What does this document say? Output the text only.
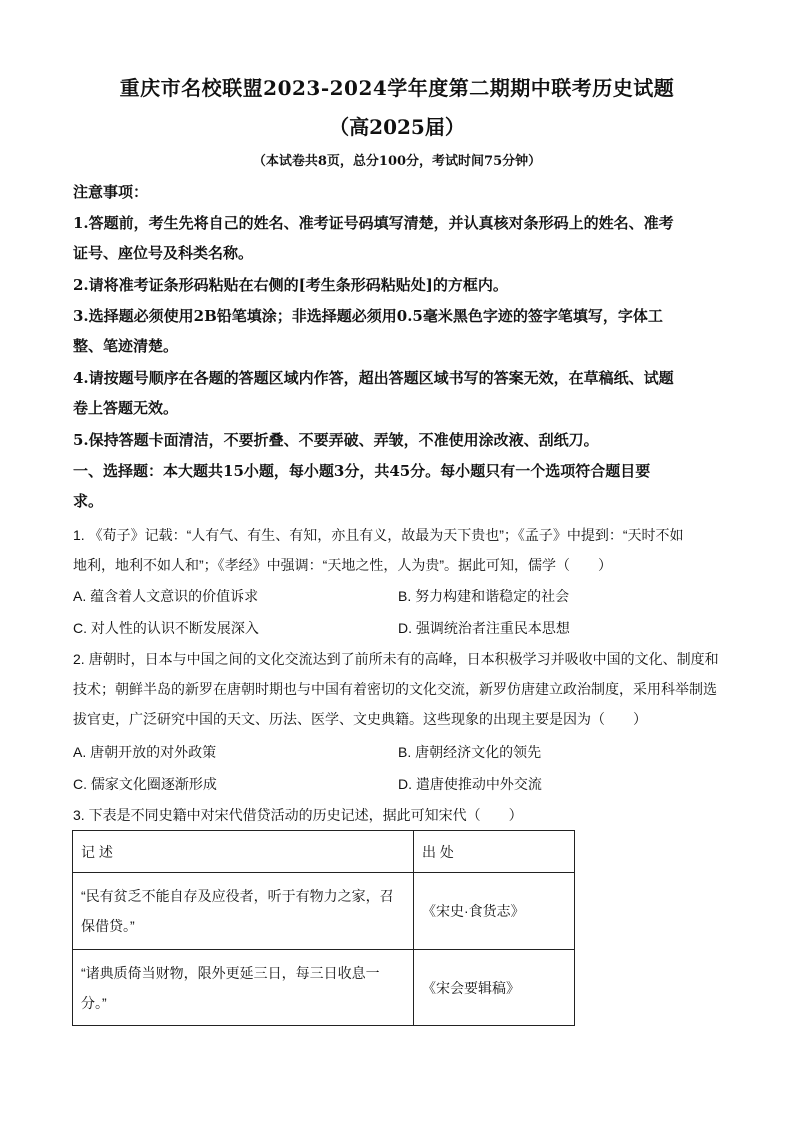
重庆市名校联盟2023-2024学年度第二期期中联考历史试题
（高2025届）
（本试卷共8页，总分100分，考试时间75分钟）
注意事项：
1.答题前，考生先将自己的姓名、准考证号码填写清楚，并认真核对条形码上的姓名、准考
证号、座位号及科类名称。
2.请将准考证条形码粘贴在右侧的[考生条形码粘贴处]的方框内。
3.选择题必须使用2B铅笔填涂；非选择题必须用0.5毫米黑色字迹的签字笔填写，字体工
整、笔迹清楚。
4.请按题号顺序在各题的答题区域内作答，超出答题区域书写的答案无效，在草稿纸、试题
卷上答题无效。
5.保持答题卡面清洁，不要折叠、不要弄破、弄皱，不准使用涂改液、刮纸刀。
一、选择题：本大题共15小题，每小题3分，共45分。每小题只有一个选项符合题目要
求。
1. 《荀子》记载：“人有气、有生、有知，亦且有义，故最为天下贵也”；《孟子》中提到：“天时不如
地利，地利不如人和”；《孝经》中强调：“天地之性，人为贵”。据此可知，儒学（　　）
A. 蕴含着人文意识的价值诉求	B. 努力构建和谐稳定的社会
C. 对人性的认识不断发展深入	D. 强调统治者注重民本思想
2. 唐朝时，日本与中国之间的文化交流达到了前所未有的高峰，日本积极学习并吸收中国的文化、制度和
技术；朝鲜半岛的新罗在唐朝时期也与中国有着密切的文化交流，新罗仿唐建立政治制度，采用科举制选
拔官吏，广泛研究中国的天文、历法、医学、文史典籍。这些现象的出现主要是因为（　　）
A. 唐朝开放的对外政策	B. 唐朝经济文化的领先
C. 儒家文化圈逐渐形成	D. 遣唐使推动中外交流
3. 下表是不同史籍中对宋代借贷活动的历史记述，据此可知宋代（　　）
记 述	出 处

“民有贫乏不能自存及应役者，听于有物力之家，召
保借贷。”	《宋史·食货志》

“诸典质倚当财物，限外更延三日，每三日收息一
分。”	《宋会要辑稿》
